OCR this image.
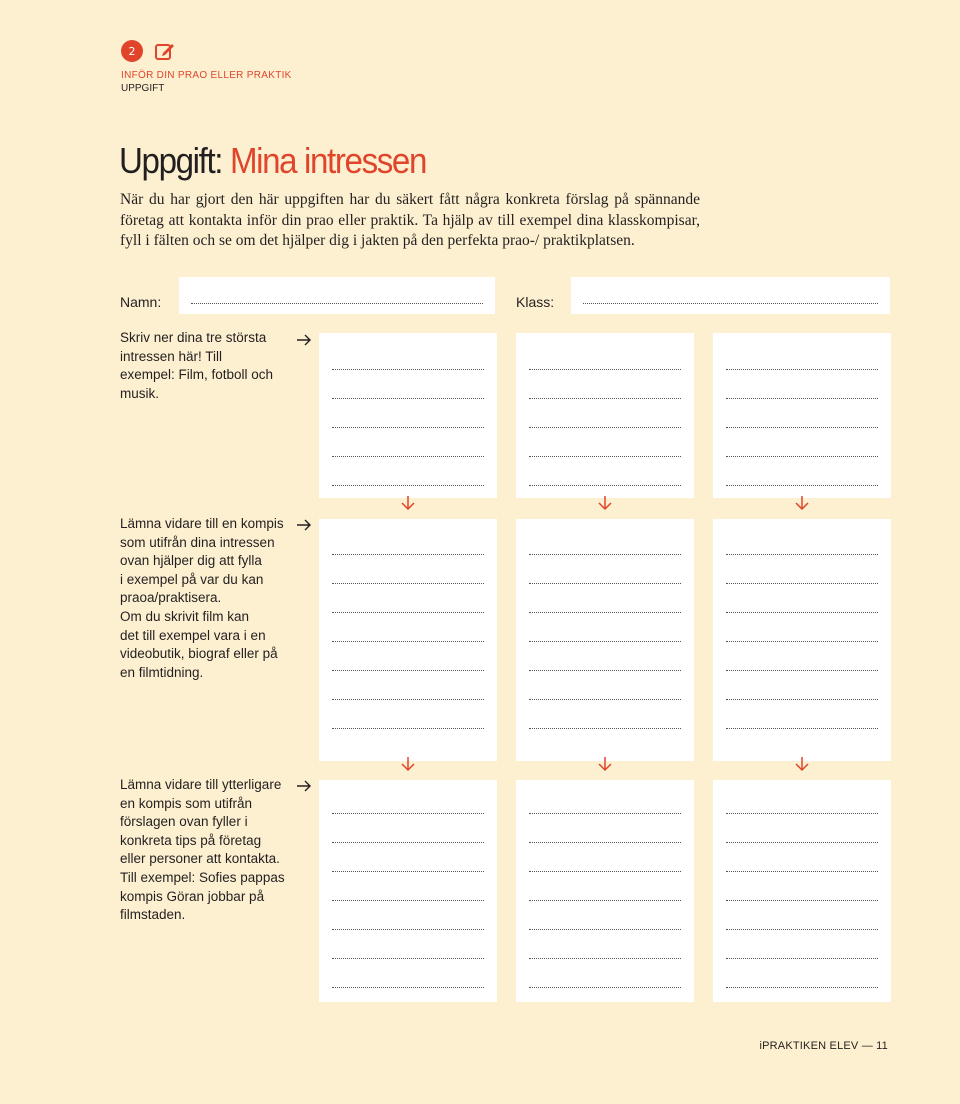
2
INFÖR DIN PRAO ELLER PRAKTIK
UPPGIFT
Uppgift: Mina intressen

När du har gjort den här uppgiften har du säkert fått några konkreta förslag på spännande företag att kontakta inför din prao eller praktik. Ta hjälp av till exempel dina klasskompisar, fyll i fälten och se om det hjälper dig i jakten på den perfekta prao-/ praktikplatsen.

Namn:	Klass:

Skriv ner dina tre största

intressen här! Till

exempel: Film, fotboll och

musik.

Lämna vidare till en kompis

som utifrån dina intressen

ovan hjälper dig att fylla

i exempel på var du kan

praoa/praktisera.

Om du skrivit film kan

det till exempel vara i en

videobutik, biograf eller på

en filmtidning.

Lämna vidare till ytterligare

en kompis som utifrån

förslagen ovan fyller i

konkreta tips på företag

eller personer att kontakta.

Till exempel: Sofies pappas

kompis Göran jobbar på

filmstaden.

iPRAKTIKEN ELEV — 11
